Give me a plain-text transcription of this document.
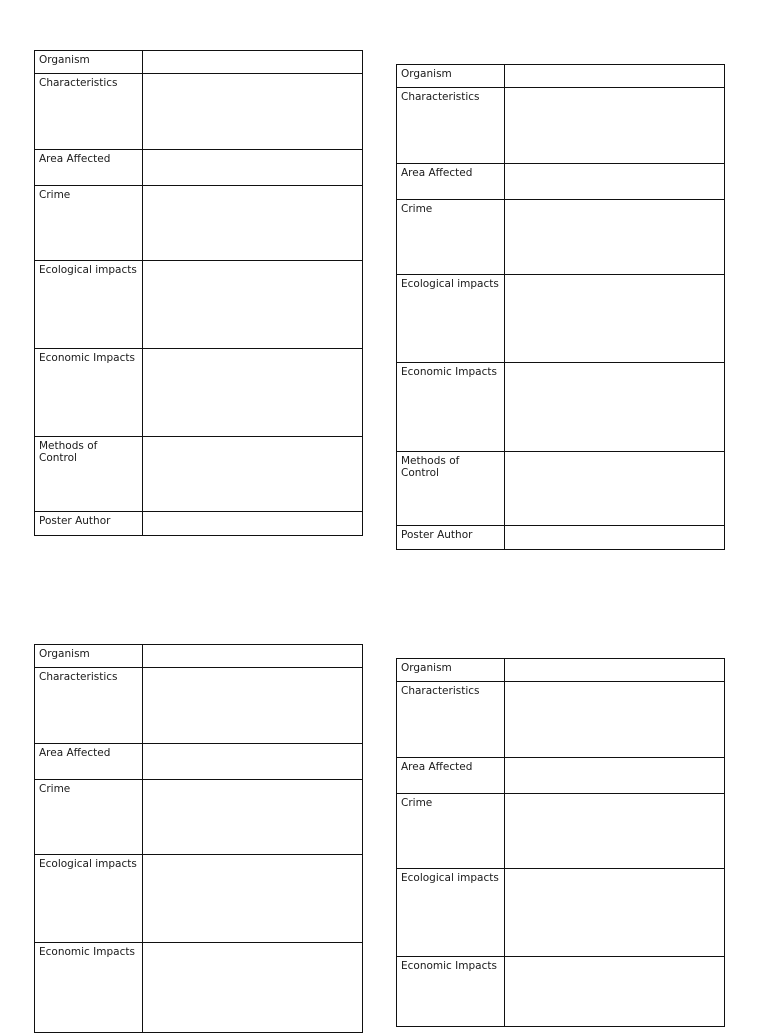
Organism	
Characteristics	
Area Affected	
Crime	
Ecological impacts	
Economic Impacts	
Methods of Control	
Poster Author	
Organism	
Characteristics	
Area Affected	
Crime	
Ecological impacts	
Economic Impacts	
Methods of Control	
Poster Author	
Organism	
Characteristics	
Area Affected	
Crime	
Ecological impacts	
Economic Impacts	
Organism	
Characteristics	
Area Affected	
Crime	
Ecological impacts	
Economic Impacts	
